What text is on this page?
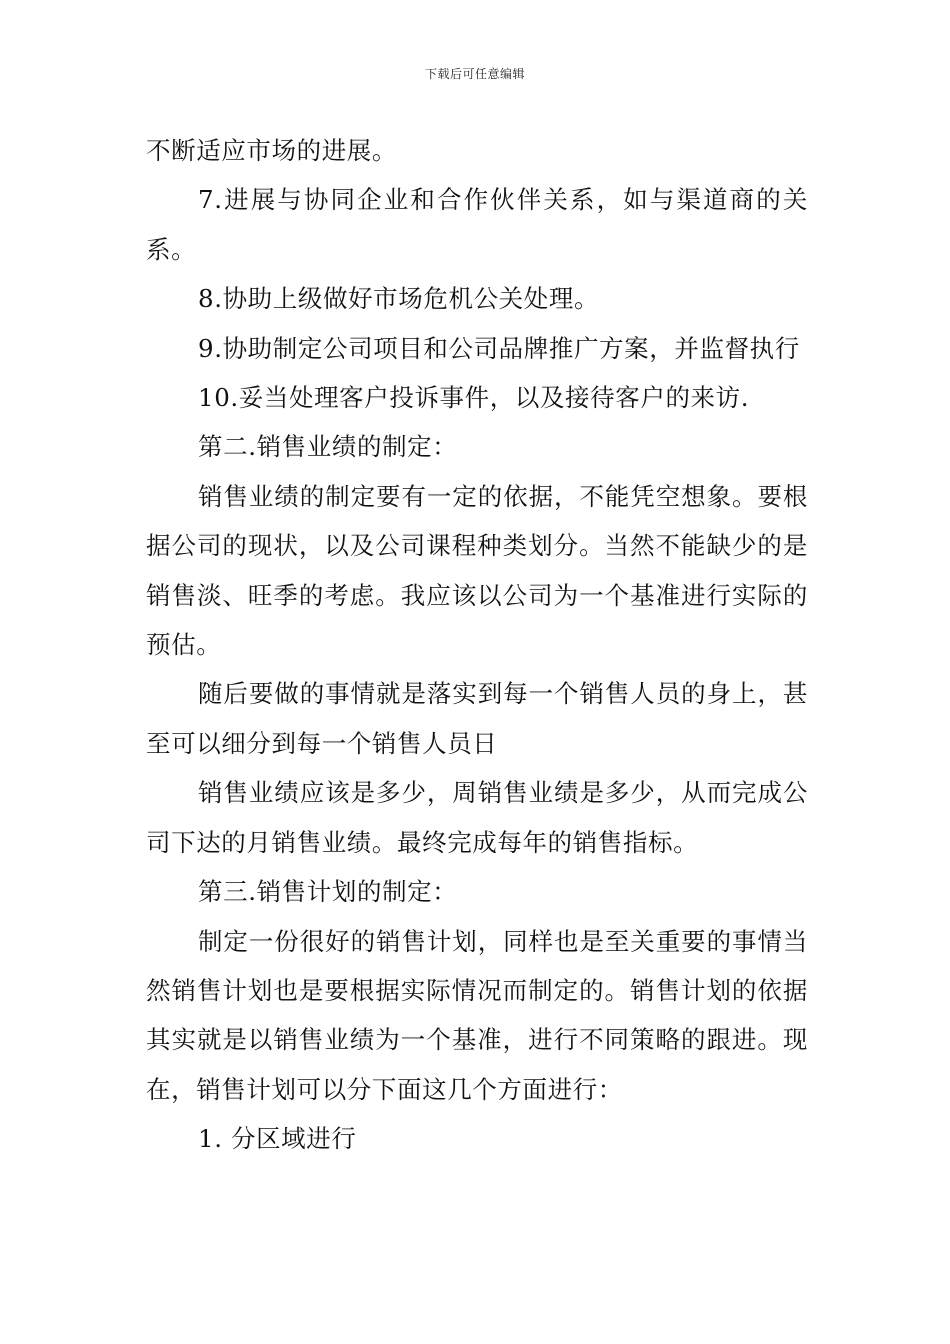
下载后可任意编辑

不断适应市场的进展。

7.进展与协同企业和合作伙伴关系，如与渠道商的关系。

8.协助上级做好市场危机公关处理。

9.协助制定公司项目和公司品牌推广方案，并监督执行

10.妥当处理客户投诉事件，以及接待客户的来访.

第二.销售业绩的制定：

销售业绩的制定要有一定的依据，不能凭空想象。要根据公司的现状，以及公司课程种类划分。当然不能缺少的是销售淡、旺季的考虑。我应该以公司为一个基准进行实际的预估。

随后要做的事情就是落实到每一个销售人员的身上，甚至可以细分到每一个销售人员日

销售业绩应该是多少，周销售业绩是多少，从而完成公司下达的月销售业绩。最终完成每年的销售指标。

第三.销售计划的制定：

制定一份很好的销售计划，同样也是至关重要的事情当然销售计划也是要根据实际情况而制定的。销售计划的依据其实就是以销售业绩为一个基准，进行不同策略的跟进。现在，销售计划可以分下面这几个方面进行：

1. 分区域进行
